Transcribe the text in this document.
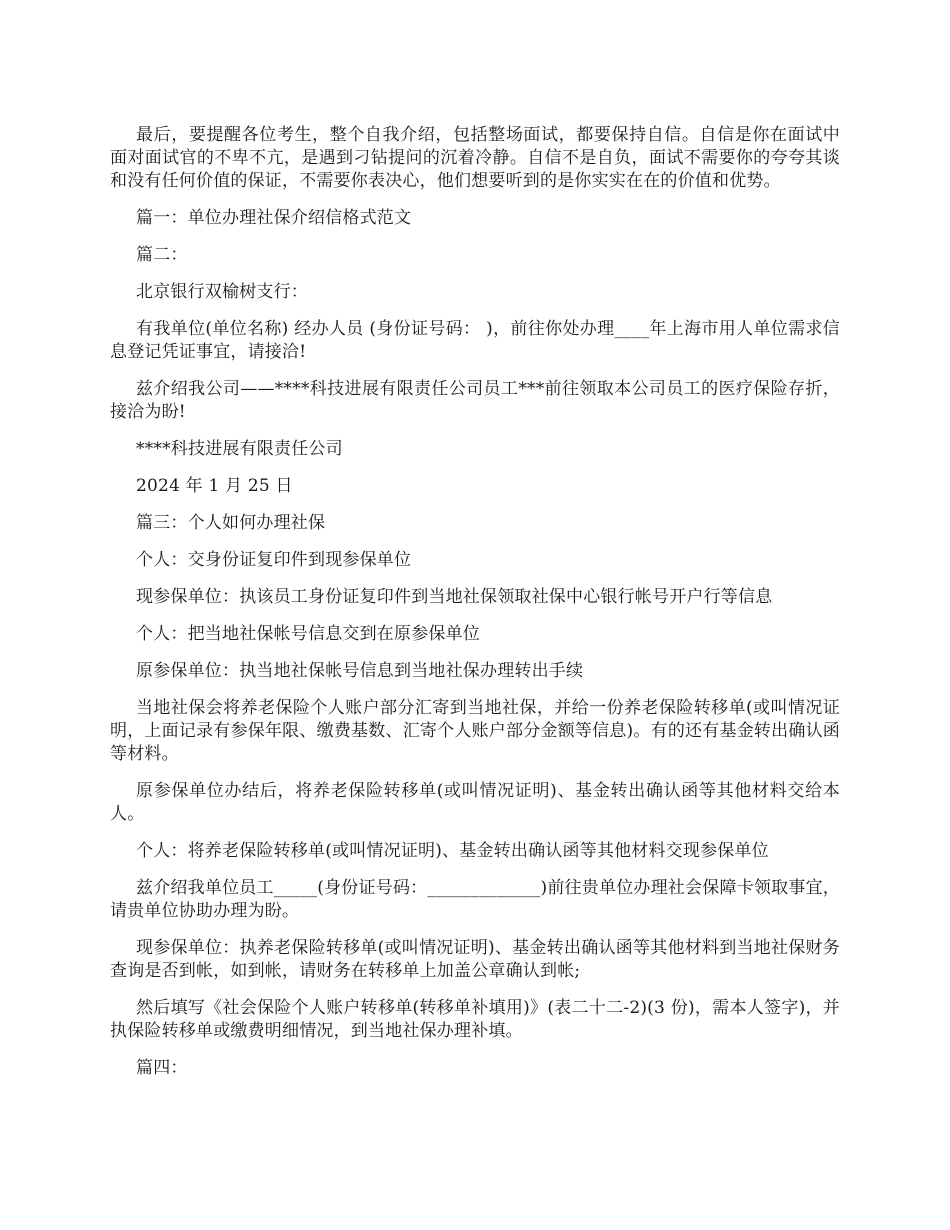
最后，要提醒各位考生，整个自我介绍，包括整场面试，都要保持自信。自信是你在面试中面对面试官的不卑不亢，是遇到刁钻提问的沉着冷静。自信不是自负，面试不需要你的夸夸其谈和没有任何价值的保证，不需要你表决心，他们想要听到的是你实实在在的价值和优势。

篇一：单位办理社保介绍信格式范文

篇二：

北京银行双榆树支行：

有我单位(单位名称) 经办人员 (身份证号码： )，前往你处办理____年上海市用人单位需求信息登记凭证事宜，请接洽!

兹介绍我公司——****科技进展有限责任公司员工***前往领取本公司员工的医疗保险存折，接洽为盼!

****科技进展有限责任公司

2024 年 1 月 25 日

篇三：个人如何办理社保

个人：交身份证复印件到现参保单位

现参保单位：执该员工身份证复印件到当地社保领取社保中心银行帐号开户行等信息

个人：把当地社保帐号信息交到在原参保单位

原参保单位：执当地社保帐号信息到当地社保办理转出手续

当地社保会将养老保险个人账户部分汇寄到当地社保，并给一份养老保险转移单(或叫情况证明，上面记录有参保年限、缴费基数、汇寄个人账户部分金额等信息)。有的还有基金转出确认函等材料。

原参保单位办结后，将养老保险转移单(或叫情况证明)、基金转出确认函等其他材料交给本人。

个人：将养老保险转移单(或叫情况证明)、基金转出确认函等其他材料交现参保单位

兹介绍我单位员工_____(身份证号码：_____________)前往贵单位办理社会保障卡领取事宜，请贵单位协助办理为盼。

现参保单位：执养老保险转移单(或叫情况证明)、基金转出确认函等其他材料到当地社保财务查询是否到帐，如到帐，请财务在转移单上加盖公章确认到帐;

然后填写《社会保险个人账户转移单(转移单补填用)》(表二十二-2)(3 份)，需本人签字)，并执保险转移单或缴费明细情况，到当地社保办理补填。

篇四：
